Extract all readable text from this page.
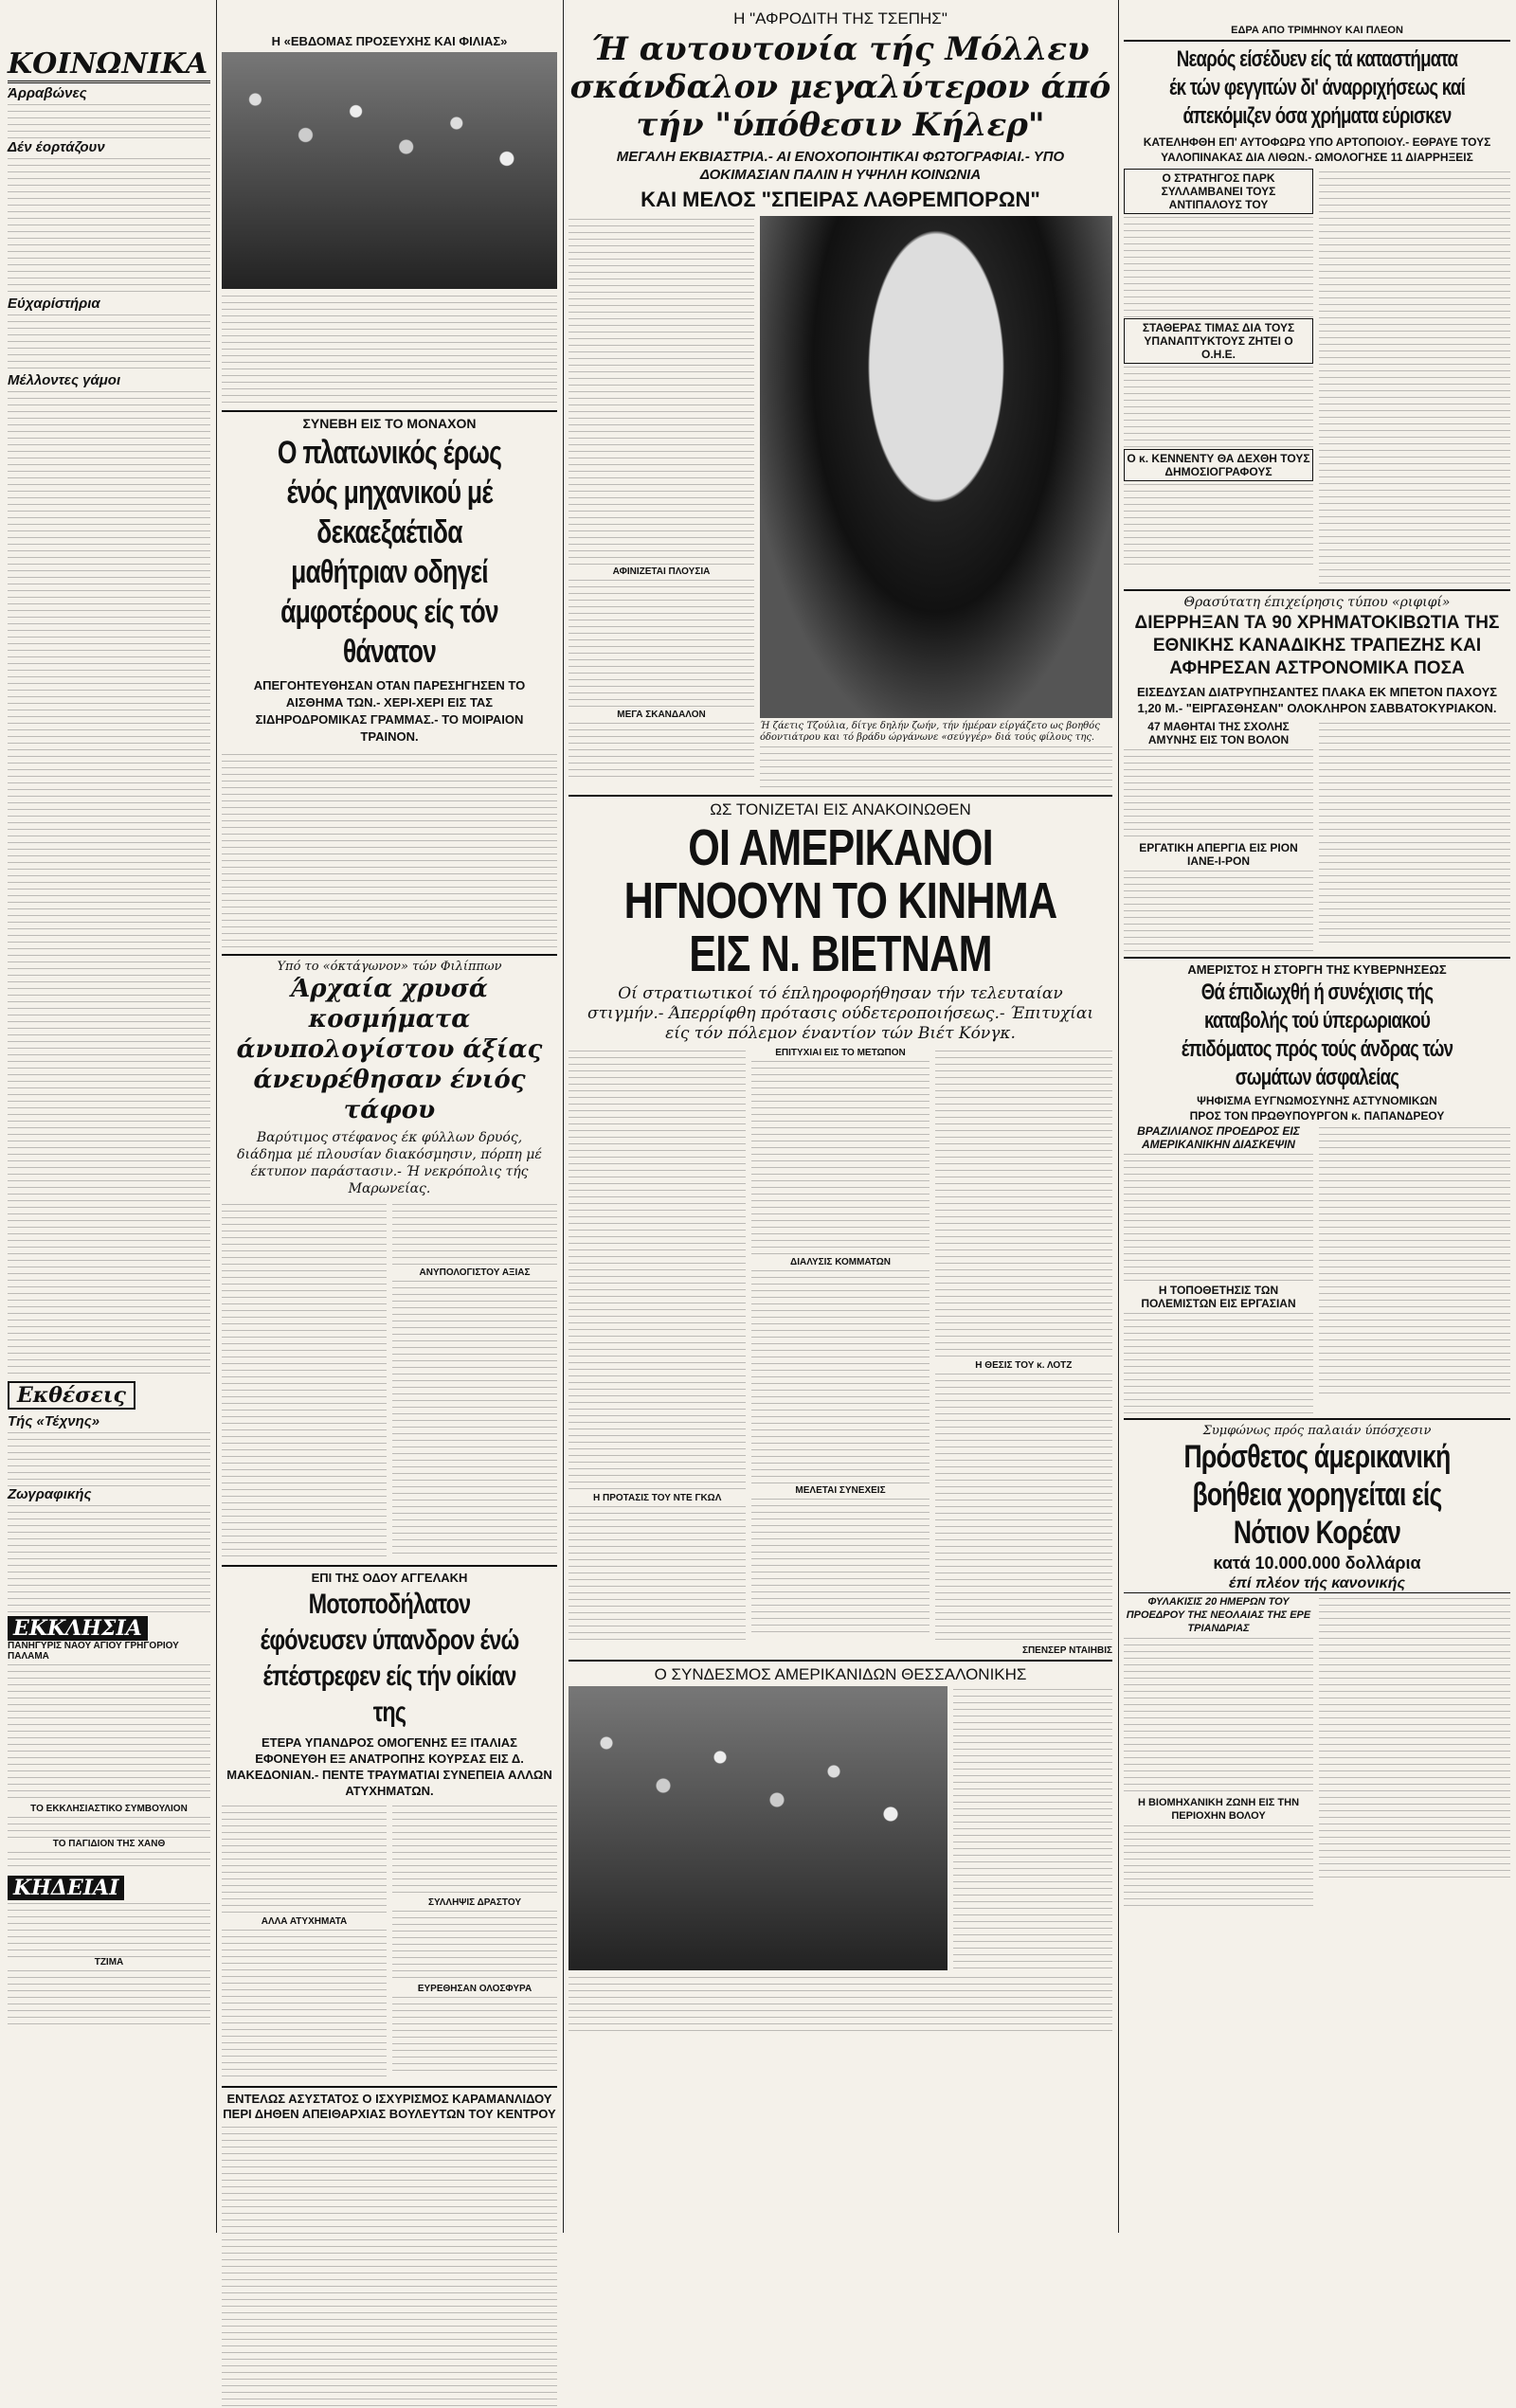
ΚΟΙΝΩΝΙΚΑ
Άρραβώνες
Δέν έορτάζουν
Εύχαρίστήρια
Μέλλοντες γάμοι
Εκθέσεις
Τής «Τέχνης»
Ζωγραφικής
ΕΚΚΛΗΣΙΑ
ΠΑΝΗΓΥΡΙΣ ΝΑΟΥ ΑΓΙΟΥ ΓΡΗΓΟΡΙΟΥ ΠΑΛΑΜΑ
ΤΟ ΕΚΚΛΗΣΙΑΣΤΙΚΟ ΣΥΜΒΟΥΛΙΟΝ
ΤΟ ΠΑΓΙΔΙΟΝ ΤΗΣ ΧΑΝΘ
ΚΗΔΕΙΑΙ
ΤΖΙΜΑ
Η «ΕΒΔΟΜΑΣ ΠΡΟΣΕΥΧΗΣ ΚΑΙ ΦΙΛΙΑΣ»
ΣΥΝΕΒΗ ΕΙΣ ΤΟ ΜΟΝΑΧΟΝ
Ο πλατωνικός έρως ένός μηχανικού μέ δεκαεξαέτιδα μαθήτριαν οδηγεί άμφοτέρους είς τόν θάνατον
ΑΠΕΓΟΗΤΕΥΘΗΣΑΝ ΟΤΑΝ ΠΑΡΕΣΗΓΗΣΕΝ ΤΟ ΑΙΣΘΗΜΑ ΤΩΝ.- ΧΕΡΙ-ΧΕΡΙ ΕΙΣ ΤΑΣ ΣΙΔΗΡΟΔΡΟΜΙΚΑΣ ΓΡΑΜΜΑΣ.- ΤΟ ΜΟΙΡΑΙΟΝ ΤΡΑΙΝΟΝ.
Υπό το «όκτάγωνον» τών Φιλίππων
Άρχαία χρυσά κοσμήματα άνυπολογίστου άξίας άνευρέθησαν ένιός τάφου
Βαρύτιμος στέφανος έκ φύλλων δρυός, διάδημα μέ πλουσίαν διακόσμησιν, πόρπη μέ έκτυπον παράστασιν.- Ή νεκρόπολις τής Μαρωνείας.
ΑΝΥΠΟΛΟΓΙΣΤΟΥ ΑΞΙΑΣ
ΕΠΙ ΤΗΣ ΟΔΟΥ ΑΓΓΕΛΑΚΗ
Μοτοποδήλατον έφόνευσεν ύπανδρον ένώ έπέστρεφεν είς τήν οίκίαν της
ΕΤΕΡΑ ΥΠΑΝΔΡΟΣ ΟΜΟΓΕΝΗΣ ΕΞ ΙΤΑΛΙΑΣ ΕΦΟΝΕΥΘΗ ΕΞ ΑΝΑΤΡΟΠΗΣ ΚΟΥΡΣΑΣ ΕΙΣ Δ. ΜΑΚΕΔΟΝΙΑΝ.- ΠΕΝΤΕ ΤΡΑΥΜΑΤΙΑΙ ΣΥΝΕΠΕΙΑ ΑΛΛΩΝ ΑΤΥΧΗΜΑΤΩΝ.
ΑΛΛΑ ΑΤΥΧΗΜΑΤΑ
ΣΥΛΛΗΨΙΣ ΔΡΑΣΤΟΥ
ΕΥΡΕΘΗΣΑΝ ΟΛΟΣΦΥΡΑ
ΕΝΤΕΛΩΣ ΑΣΥΣΤΑΤΟΣ Ο ΙΣΧΥΡΙΣΜΟΣ ΚΑΡΑΜΑΝΛΙΔΟΥ ΠΕΡΙ ΔΗΘΕΝ ΑΠΕΙΘΑΡΧΙΑΣ ΒΟΥΛΕΥΤΩΝ ΤΟΥ ΚΕΝΤΡΟΥ
Η "ΑΦΡΟΔΙΤΗ ΤΗΣ ΤΣΕΠΗΣ"
Ή αυτουτονία τής Μόλλευ σκάνδαλον μεγαλύτερον άπό τήν "ύπόθεσιν Κήλερ"
ΜΕΓΑΛΗ ΕΚΒΙΑΣΤΡΙΑ.- ΑΙ ΕΝΟΧΟΠΟΙΗΤΙΚΑΙ ΦΩΤΟΓΡΑΦΙΑΙ.- ΥΠΟ ΔΟΚΙΜΑΣΙΑΝ ΠΑΛΙΝ Η ΥΨΗΛΗ ΚΟΙΝΩΝΙΑ
ΚΑΙ ΜΕΛΟΣ "ΣΠΕΙΡΑΣ ΛΑΘΡΕΜΠΟΡΩΝ"
ΑΦΙΝΙΖΕΤΑΙ ΠΛΟΥΣΙΑ
ΜΕΓΑ ΣΚΑΝΔΑΛΟΝ
Ή ζάετις Τζούλια, δίτγε δηλήν ζωήν, τήν ήμέραν είργάζετο ως βοηθός όδοντιάτρου και τό βράδυ ώργάνωνε «σεύγγέρ» διά τούς φίλους της.
ΩΣ ΤΟΝΙΖΕΤΑΙ ΕΙΣ ΑΝΑΚΟΙΝΩΘΕΝ
ΟΙ ΑΜΕΡΙΚΑΝΟΙ ΗΓΝΟΟΥΝ ΤΟ ΚΙΝΗΜΑ ΕΙΣ Ν. ΒΙΕΤΝΑΜ
Οί στρατιωτικοί τό έπληροφορήθησαν τήν τελευταίαν στιγμήν.- Άπερρίφθη πρότασις ούδετεροποιήσεως.- Έπιτυχίαι είς τόν πόλεμον έναντίον τών Βιέτ Κόνγκ.
Η ΠΡΟΤΑΣΙΣ ΤΟΥ ΝΤΕ ΓΚΩΛ
ΕΠΙΤΥΧΙΑΙ ΕΙΣ ΤΟ ΜΕΤΩΠΟΝ
ΔΙΑΛΥΣΙΣ ΚΟΜΜΑΤΩΝ
ΜΕΛΕΤΑΙ ΣΥΝΕΧΕΙΣ
Η ΘΕΣΙΣ ΤΟΥ κ. ΛΟΤΖ
ΣΠΕΝΣΕΡ ΝΤΑΙΗΒΙΣ
Ο ΣΥΝΔΕΣΜΟΣ ΑΜΕΡΙΚΑΝΙΔΩΝ ΘΕΣΣΑΛΟΝΙΚΗΣ
ΕΔΡΑ ΑΠΟ ΤΡΙΜΗΝΟΥ ΚΑΙ ΠΛΕΟΝ
Νεαρός είσέδυεν είς τά καταστήματα έκ τών φεγγιτών δι' άναρριχήσεως καί άπεκόμιζεν όσα χρήματα εύρισκεν
ΚΑΤΕΛΗΦΘΗ ΕΠ' ΑΥΤΟΦΩΡΩ ΥΠΟ ΑΡΤΟΠΟΙΟΥ.- ΕΘΡΑΥΕ ΤΟΥΣ ΥΑΛΟΠΙΝΑΚΑΣ ΔΙΑ ΛΙΘΩΝ.- ΩΜΟΛΟΓΗΣΕ 11 ΔΙΑΡΡΗΞΕΙΣ
Ο ΣΤΡΑΤΗΓΟΣ ΠΑΡΚ ΣΥΛΛΑΜΒΑΝΕΙ ΤΟΥΣ ΑΝΤΙΠΑΛΟΥΣ ΤΟΥ
ΣΤΑΘΕΡΑΣ ΤΙΜΑΣ ΔΙΑ ΤΟΥΣ ΥΠΑΝΑΠΤΥΚΤΟΥΣ ΖΗΤΕΙ Ο Ο.Η.Ε.
Ο κ. ΚΕΝΝΕΝΤΥ ΘΑ ΔΕΧΘΗ ΤΟΥΣ ΔΗΜΟΣΙΟΓΡΑΦΟΥΣ
Θρασύτατη έπιχείρησις τύπου «ριφιφί»
ΔΙΕΡΡΗΞΑΝ ΤΑ 90 ΧΡΗΜΑΤΟΚΙΒΩΤΙΑ ΤΗΣ ΕΘΝΙΚΗΣ ΚΑΝΑΔΙΚΗΣ ΤΡΑΠΕΖΗΣ ΚΑΙ ΑΦΗΡΕΣΑΝ ΑΣΤΡΟΝΟΜΙΚΑ ΠΟΣΑ
ΕΙΣΕΔΥΣΑΝ ΔΙΑΤΡΥΠΗΣΑΝΤΕΣ ΠΛΑΚΑ ΕΚ ΜΠΕΤΟΝ ΠΑΧΟΥΣ 1,20 Μ.- "ΕΙΡΓΑΣΘΗΣΑΝ" ΟΛΟΚΛΗΡΟΝ ΣΑΒΒΑΤΟΚΥΡΙΑΚΟΝ.
47 ΜΑΘΗΤΑΙ ΤΗΣ ΣΧΟΛΗΣ ΑΜΥΝΗΣ ΕΙΣ ΤΟΝ ΒΟΛΟΝ
ΕΡΓΑΤΙΚΗ ΑΠΕΡΓΙΑ ΕΙΣ ΡΙΟΝ ΙΑΝΕ-Ι-ΡΟΝ
ΑΜΕΡΙΣΤΟΣ Η ΣΤΟΡΓΗ ΤΗΣ ΚΥΒΕΡΝΗΣΕΩΣ
Θά έπιδιωχθή ή συνέχισις τής καταβολής τού ύπερωριακού έπιδόματος πρός τούς άνδρας τών σωμάτων άσφαλείας
ΨΗΦΙΣΜΑ ΕΥΓΝΩΜΟΣΥΝΗΣ ΑΣΤΥΝΟΜΙΚΩΝ
ΠΡΟΣ ΤΟΝ ΠΡΩΘΥΠΟΥΡΓΟΝ κ. ΠΑΠΑΝΔΡΕΟΥ
ΒΡΑΖΙΛΙΑΝΟΣ ΠΡΟΕΔΡΟΣ ΕΙΣ ΑΜΕΡΙΚΑΝΙΚΗΝ ΔΙΑΣΚΕΨΙΝ
Η ΤΟΠΟΘΕΤΗΣΙΣ ΤΩΝ ΠΟΛΕΜΙΣΤΩΝ ΕΙΣ ΕΡΓΑΣΙΑΝ
Συμφώνως πρός παλαιάν ύπόσχεσιν
Πρόσθετος άμερικανική βοήθεια χορηγείται είς Νότιον Κορέαν
κατά 10.000.000 δολλάρια
έπί πλέον τής κανονικής
ΦΥΛΑΚΙΣΙΣ 20 ΗΜΕΡΩΝ ΤΟΥ ΠΡΟΕΔΡΟΥ ΤΗΣ ΝΕΟΛΑΙΑΣ ΤΗΣ ΕΡΕ ΤΡΙΑΝΔΡΙΑΣ
Η ΒΙΟΜΗΧΑΝΙΚΗ ΖΩΝΗ ΕΙΣ ΤΗΝ ΠΕΡΙΟΧΗΝ ΒΟΛΟΥ
